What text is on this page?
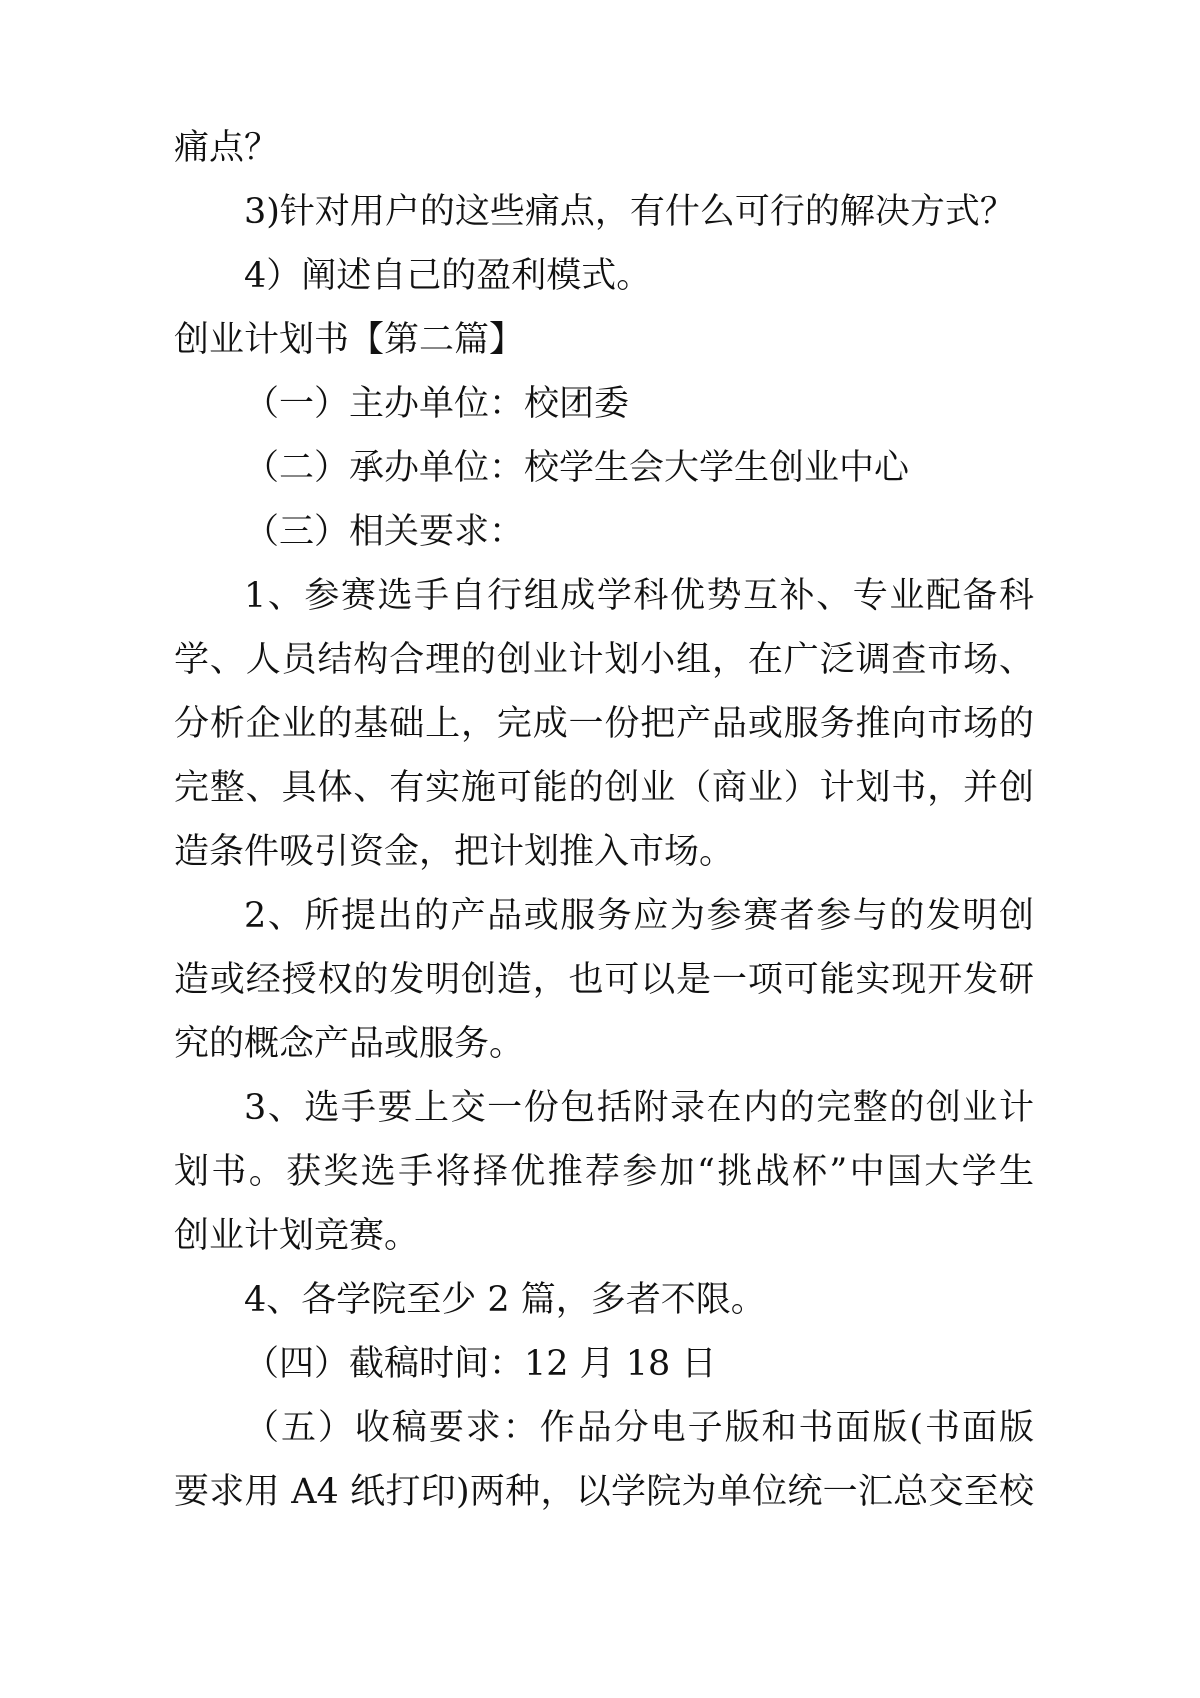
痛点？

3)针对用户的这些痛点，有什么可行的解决方式？

4）阐述自己的盈利模式。

创业计划书【第二篇】

（一）主办单位：校团委

（二）承办单位：校学生会大学生创业中心

（三）相关要求：

1、参赛选手自行组成学科优势互补、专业配备科

学、人员结构合理的创业计划小组，在广泛调查市场、

分析企业的基础上，完成一份把产品或服务推向市场的

完整、具体、有实施可能的创业（商业）计划书，并创

造条件吸引资金，把计划推入市场。

2、所提出的产品或服务应为参赛者参与的发明创

造或经授权的发明创造，也可以是一项可能实现开发研

究的概念产品或服务。

3、选手要上交一份包括附录在内的完整的创业计

划书。获奖选手将择优推荐参加“挑战杯”中国大学生

创业计划竞赛。

4、各学院至少 2 篇，多者不限。

（四）截稿时间：12 月 18 日

（五）收稿要求：作品分电子版和书面版(书面版

要求用 A4 纸打印)两种，以学院为单位统一汇总交至校
